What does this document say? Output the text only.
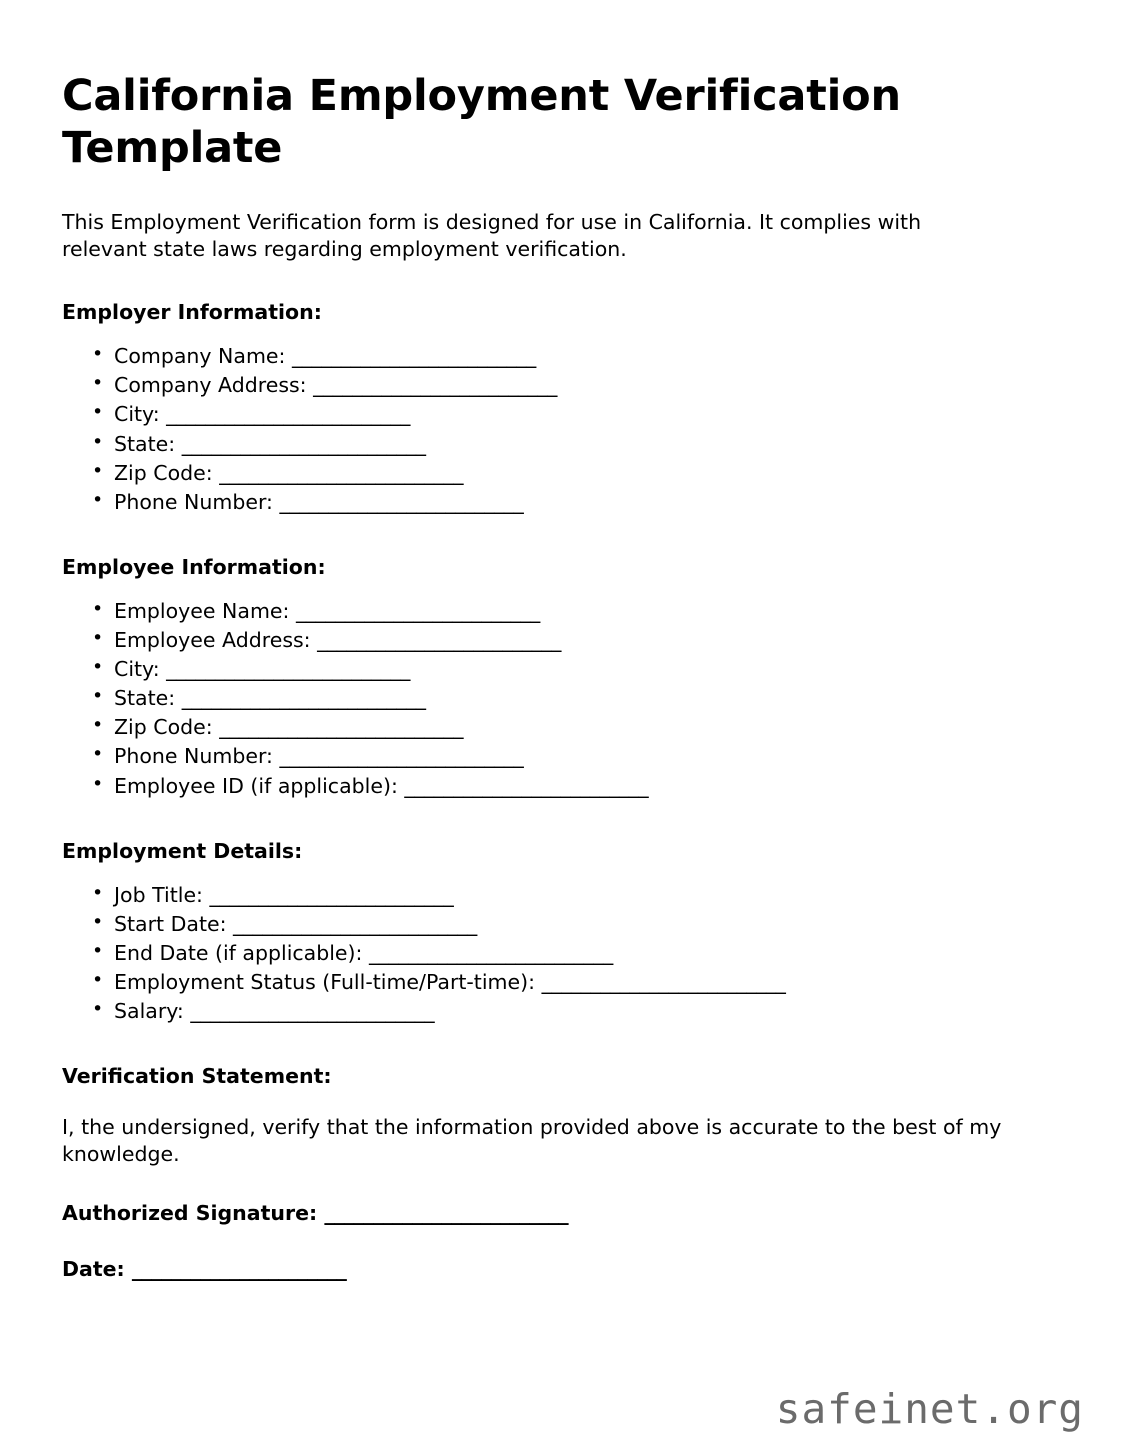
California Employment Verification Template

This Employment Verification form is designed for use in California. It complies with relevant state laws regarding employment verification.

Employer Information:
• Company Name: _________________________
• Company Address: _________________________
• City: _________________________
• State: _________________________
• Zip Code: _________________________
• Phone Number: _________________________
Employee Information:
• Employee Name: _________________________
• Employee Address: _________________________
• City: _________________________
• State: _________________________
• Zip Code: _________________________
• Phone Number: _________________________
• Employee ID (if applicable): _________________________
Employment Details:
• Job Title: _________________________
• Start Date: _________________________
• End Date (if applicable): _________________________
• Employment Status (Full-time/Part-time): _________________________
• Salary: _________________________
Verification Statement:

I, the undersigned, verify that the information provided above is accurate to the best of my knowledge.

Authorized Signature: _________________________

Date: ______________________

safeinet.org
